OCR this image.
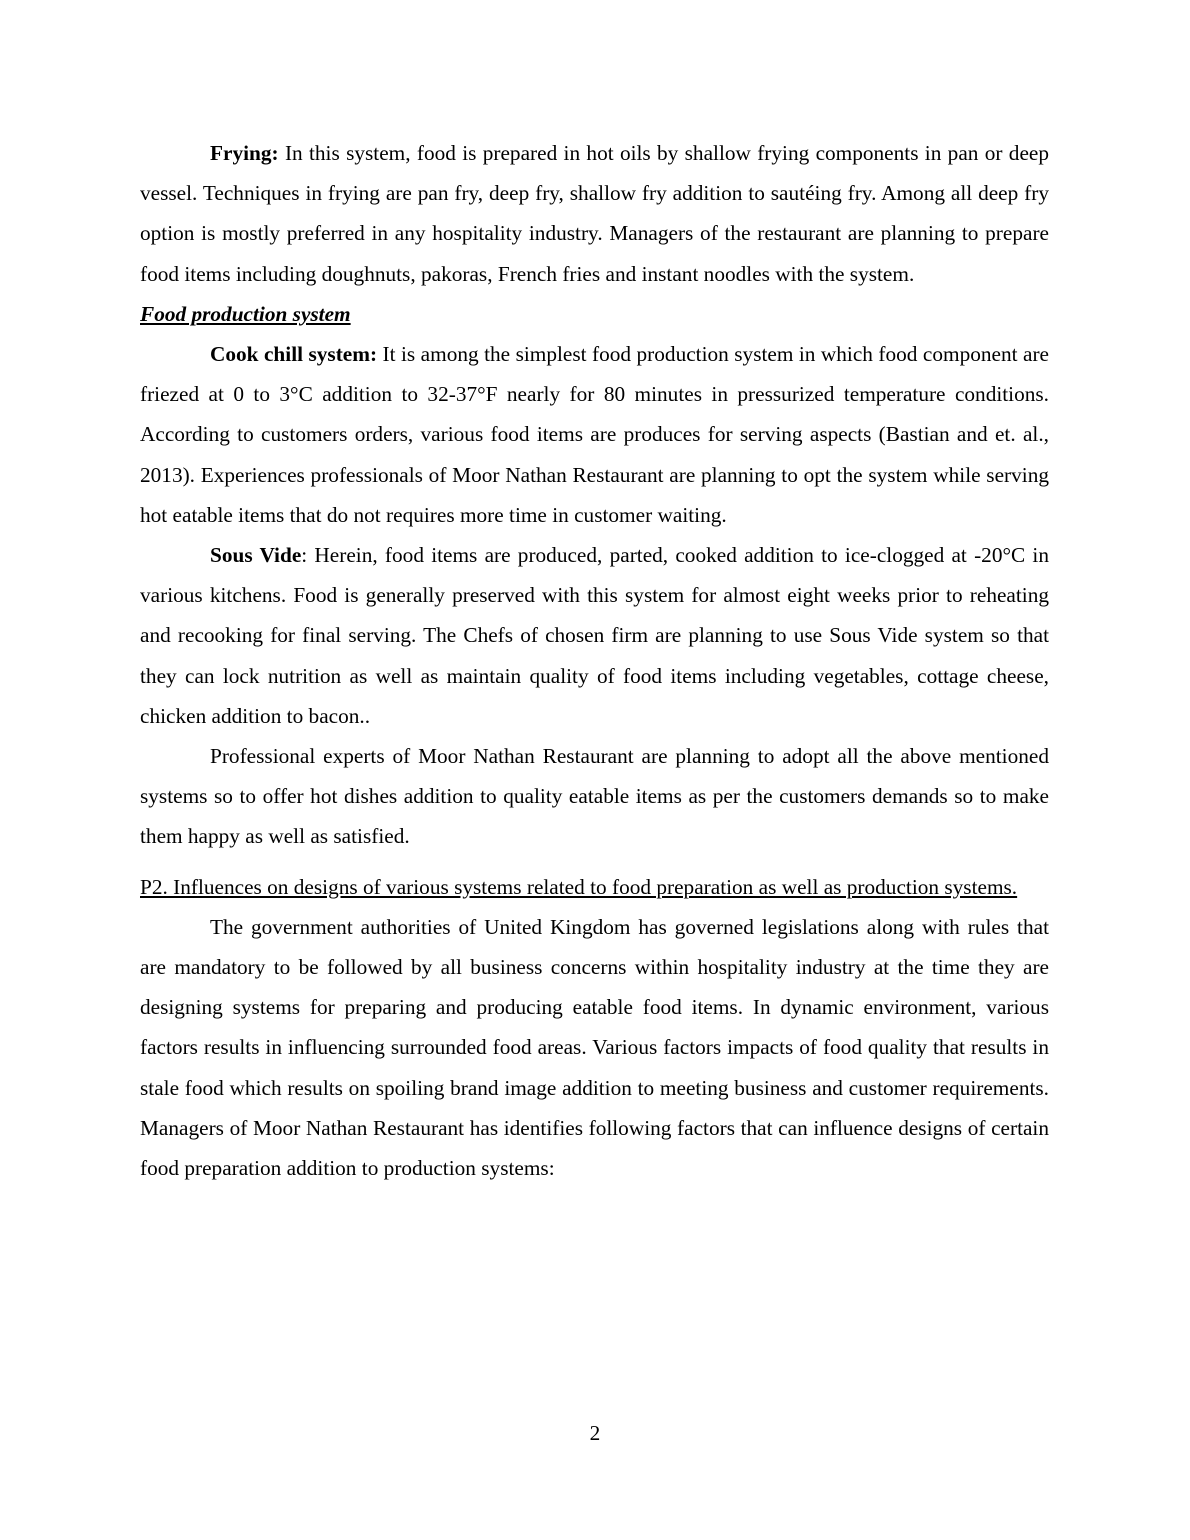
Frying: In this system, food is prepared in hot oils by shallow frying components in pan or deep vessel. Techniques in frying are pan fry, deep fry, shallow fry addition to sautéing fry. Among all deep fry option is mostly preferred in any hospitality industry. Managers of the restaurant are planning to prepare food items including doughnuts, pakoras, French fries and instant noodles with the system.

Food production system

Cook chill system: It is among the simplest food production system in which food component are friezed at 0 to 3°C addition to 32-37°F nearly for 80 minutes in pressurized temperature conditions. According to customers orders, various food items are produces for serving aspects (Bastian and et. al., 2013). Experiences professionals of Moor Nathan Restaurant are planning to opt the system while serving hot eatable items that do not requires more time in customer waiting.

Sous Vide: Herein, food items are produced, parted, cooked addition to ice-clogged at -20°C in various kitchens. Food is generally preserved with this system for almost eight weeks prior to reheating and recooking for final serving. The Chefs of chosen firm are planning to use Sous Vide system so that they can lock nutrition as well as maintain quality of food items including vegetables, cottage cheese, chicken addition to bacon..

Professional experts of Moor Nathan Restaurant are planning to adopt all the above mentioned systems so to offer hot dishes addition to quality eatable items as per the customers demands so to make them happy as well as satisfied.

P2. Influences on designs of various systems related to food preparation as well as production systems.

The government authorities of United Kingdom has governed legislations along with rules that are mandatory to be followed by all business concerns within hospitality industry at the time they are designing systems for preparing and producing eatable food items. In dynamic environment, various factors results in influencing surrounded food areas. Various factors impacts of food quality that results in stale food which results on spoiling brand image addition to meeting business and customer requirements. Managers of Moor Nathan Restaurant has identifies following factors that can influence designs of certain food preparation addition to production systems:

2
